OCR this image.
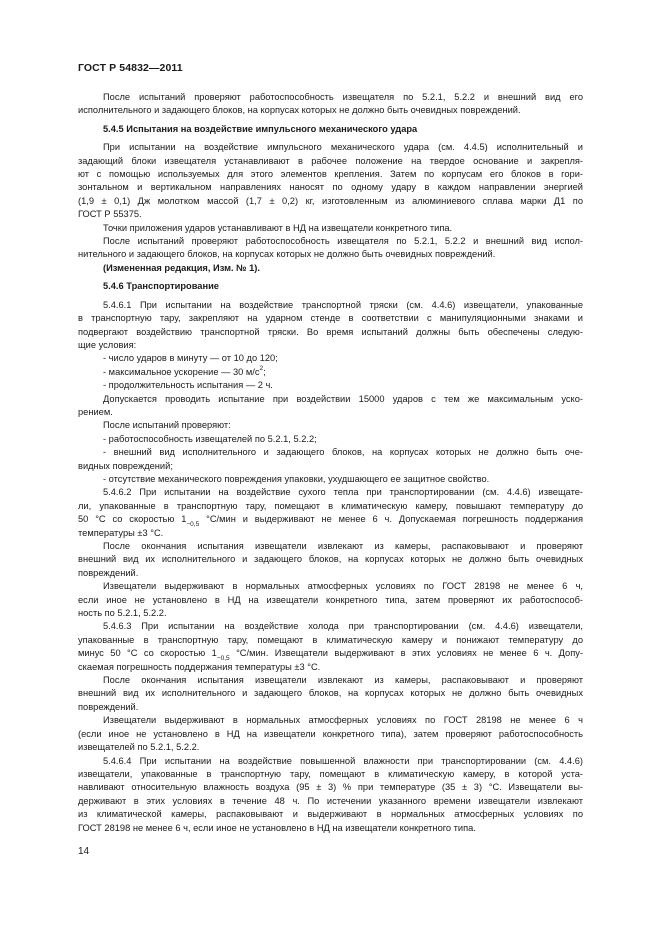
ГОСТ Р 54832—2011
После испытаний проверяют работоспособность извещателя по 5.2.1, 5.2.2 и внешний вид его
исполнительного и задающего блоков, на корпусах которых не должно быть очевидных повреждений.
5.4.5 Испытания на воздействие импульсного механического удара
При испытании на воздействие импульсного механического удара (см. 4.4.5) исполнительный и
задающий блоки извещателя устанавливают в рабочее положение на твердое основание и закрепля-
ют с помощью используемых для этого элементов крепления. Затем по корпусам его блоков в гори-
зонтальном и вертикальном направлениях наносят по одному удару в каждом направлении энергией
(1,9 ± 0,1) Дж молотком массой (1,7 ± 0,2) кг, изготовленным из алюминиевого сплава марки Д1 по
ГОСТ Р 55375.
Точки приложения ударов устанавливают в НД на извещатели конкретного типа.
После испытаний проверяют работоспособность извещателя по 5.2.1, 5.2.2 и внешний вид испол-
нительного и задающего блоков, на корпусах которых не должно быть очевидных повреждений.
(Измененная редакция, Изм. № 1).
5.4.6 Транспортирование
5.4.6.1 При испытании на воздействие транспортной тряски (см. 4.4.6) извещатели, упакованные
в транспортную тару, закрепляют на ударном стенде в соответствии с манипуляционными знаками и
подвергают воздействию транспортной тряски. Во время испытаний должны быть обеспечены следую-
щие условия:
- число ударов в минуту — от 10 до 120;
- максимальное ускорение — 30 $м/с^2$;
- продолжительность испытания — 2 ч.
Допускается проводить испытание при воздействии 15000 ударов с тем же максимальным уско-
рением.
После испытаний проверяют:
- работоспособность извещателей по 5.2.1, 5.2.2;
- внешний вид исполнительного и задающего блоков, на корпусах которых не должно быть оче-
видных повреждений;
- отсутствие механического повреждения упаковки, ухудшающего ее защитное свойство.
5.4.6.2 При испытании на воздействие сухого тепла при транспортировании (см. 4.4.6) извещате-
ли, упакованные в транспортную тару, помещают в климатическую камеру, повышают температуру до
50 °С со скоростью $1_{-0,5}$ °С/мин и выдерживают не менее 6 ч. Допускаемая погрешность поддержания
температуры ±3 °С.
После окончания испытания извещатели извлекают из камеры, распаковывают и проверяют
внешний вид их исполнительного и задающего блоков, на корпусах которых не должно быть очевидных
повреждений.
Извещатели выдерживают в нормальных атмосферных условиях по ГОСТ 28198 не менее 6 ч,
если иное не установлено в НД на извещатели конкретного типа, затем проверяют их работоспособ-
ность по 5.2.1, 5.2.2.
5.4.6.3 При испытании на воздействие холода при транспортировании (см. 4.4.6) извещатели,
упакованные в транспортную тару, помещают в климатическую камеру и понижают температуру до
минус 50 °С со скоростью $1_{-0,5}$ °С/мин. Извещатели выдерживают в этих условиях не менее 6 ч. Допу-
скаемая погрешность поддержания температуры ±3 °С.
После окончания испытания извещатели извлекают из камеры, распаковывают и проверяют
внешний вид их исполнительного и задающего блоков, на корпусах которых не должно быть очевидных
повреждений.
Извещатели выдерживают в нормальных атмосферных условиях по ГОСТ 28198 не менее 6 ч
(если иное не установлено в НД на извещатели конкретного типа), затем проверяют работоспособность
извещателей по 5.2.1, 5.2.2.
5.4.6.4 При испытании на воздействие повышенной влажности при транспортировании (см. 4.4.6)
извещатели, упакованные в транспортную тару, помещают в климатическую камеру, в которой уста-
навливают относительную влажность воздуха (95 ± 3) % при температуре (35 ± 3) °С. Извещатели вы-
держивают в этих условиях в течение 48 ч. По истечении указанного времени извещатели извлекают
из климатической камеры, распаковывают и выдерживают в нормальных атмосферных условиях по
ГОСТ 28198 не менее 6 ч, если иное не установлено в НД на извещатели конкретного типа.
14
